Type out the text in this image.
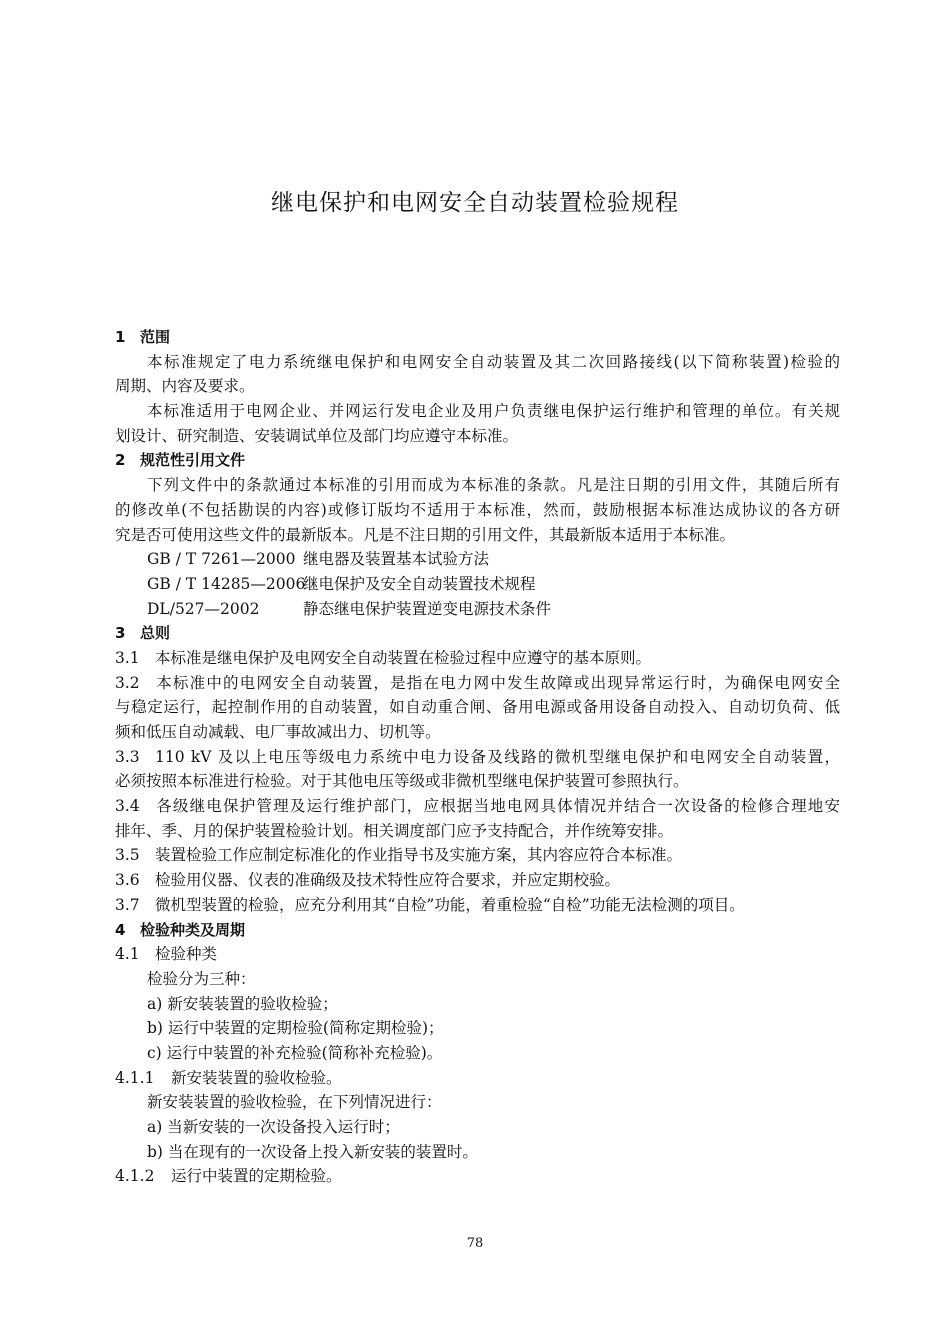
继电保护和电网安全自动装置检验规程
1 范围
本标准规定了电力系统继电保护和电网安全自动装置及其二次回路接线(以下简称装置)检验的
周期、内容及要求。
本标准适用于电网企业、并网运行发电企业及用户负责继电保护运行维护和管理的单位。有关规
划设计、研究制造、安装调试单位及部门均应遵守本标准。
2 规范性引用文件
下列文件中的条款通过本标准的引用而成为本标准的条款。凡是注日期的引用文件，其随后所有
的修改单(不包括勘误的内容)或修订版均不适用于本标准，然而，鼓励根据本标准达成协议的各方研
究是否可使用这些文件的最新版本。凡是不注日期的引用文件，其最新版本适用于本标准。
GB / T 7261—2000 继电器及装置基本试验方法
GB / T 14285—2006继电保护及安全自动装置技术规程
DL/527—2002	静态继电保护装置逆变电源技术条件
3 总则
3.1 本标准是继电保护及电网安全自动装置在检验过程中应遵守的基本原则。
3.2 本标准中的电网安全自动装置，是指在电力网中发生故障或出现异常运行时，为确保电网安全
与稳定运行，起控制作用的自动装置，如自动重合闸、备用电源或备用设备自动投入、自动切负荷、低
频和低压自动减载、电厂事故减出力、切机等。
3.3 110 kV 及以上电压等级电力系统中电力设备及线路的微机型继电保护和电网安全自动装置，
必须按照本标准进行检验。对于其他电压等级或非微机型继电保护装置可参照执行。
3.4 各级继电保护管理及运行维护部门，应根据当地电网具体情况并结合一次设备的检修合理地安
排年、季、月的保护装置检验计划。相关调度部门应予支持配合，并作统筹安排。
3.5 装置检验工作应制定标准化的作业指导书及实施方案，其内容应符合本标准。
3.6 检验用仪器、仪表的准确级及技术特性应符合要求，并应定期校验。
3.7 微机型装置的检验，应充分利用其“自检”功能，着重检验“自检”功能无法检测的项目。
4 检验种类及周期
4.1 检验种类
检验分为三种：
a) 新安装装置的验收检验；
b) 运行中装置的定期检验(简称定期检验)；
c) 运行中装置的补充检验(简称补充检验)。
4.1.1 新安装装置的验收检验。
新安装装置的验收检验，在下列情况进行：
a) 当新安装的一次设备投入运行时；
b) 当在现有的一次设备上投入新安装的装置时。
4.1.2 运行中装置的定期检验。
78
